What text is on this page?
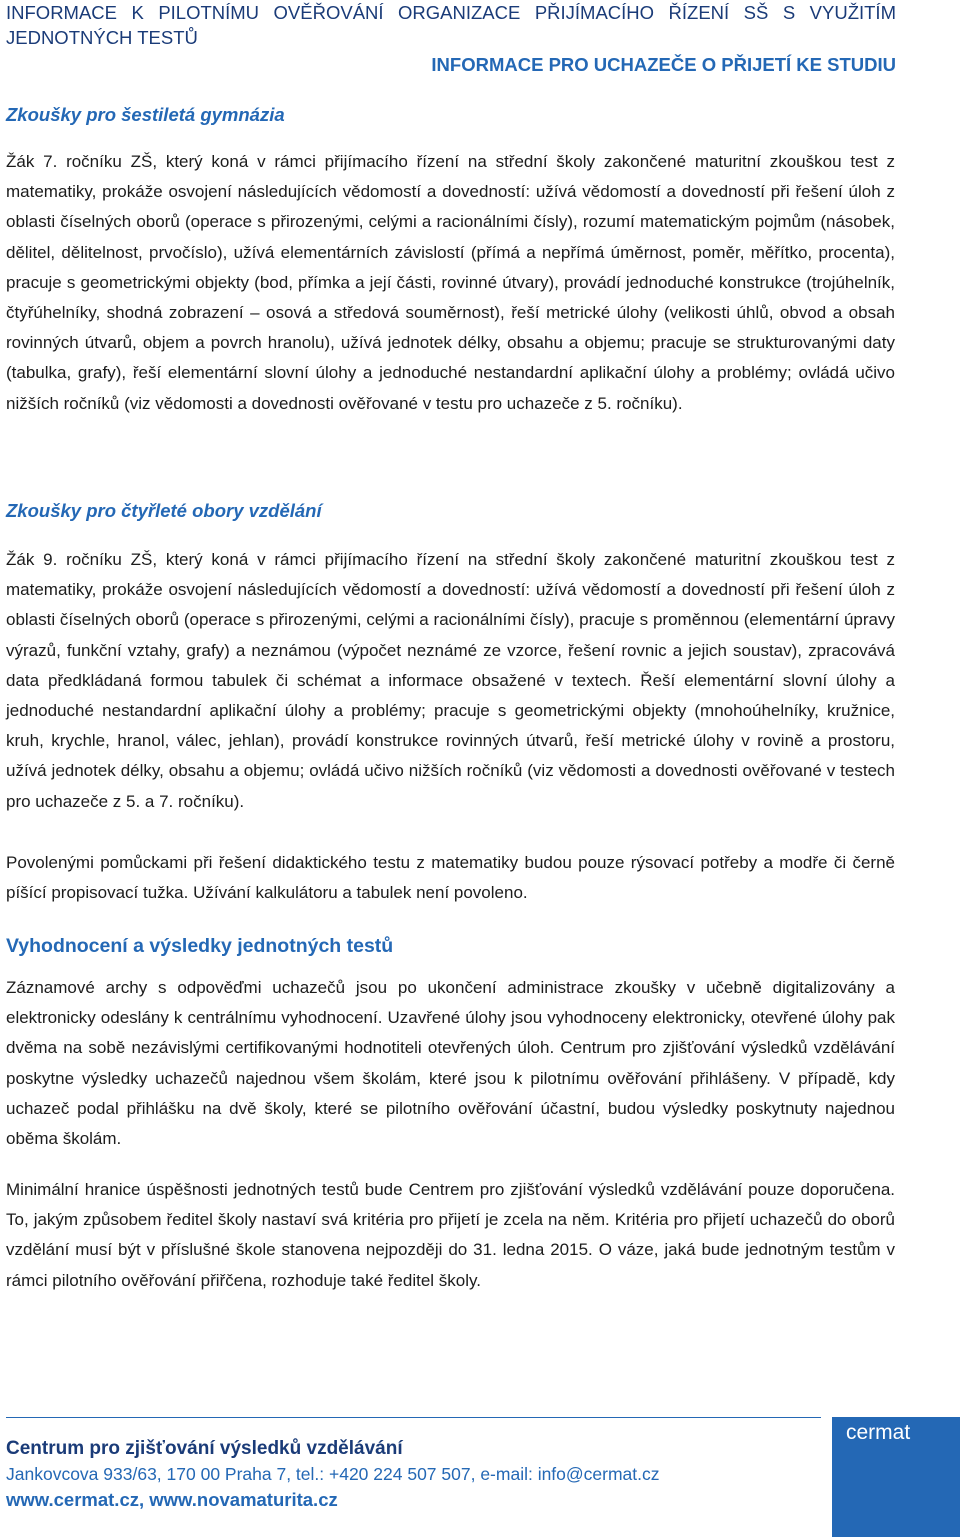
INFORMACE K PILOTNÍMU OVĚŘOVÁNÍ ORGANIZACE PŘIJÍMACÍHO ŘÍZENÍ SŠ S VYUŽITÍM
JEDNOTNÝCH TESTŮ
INFORMACE PRO UCHAZEČE O PŘIJETÍ KE STUDIU
Zkoušky pro šestiletá gymnázia
Žák 7. ročníku ZŠ, který koná v rámci přijímacího řízení na střední školy zakončené maturitní zkouškou test z matematiky, prokáže osvojení následujících vědomostí a dovedností: užívá vědomostí a dovedností při řešení úloh z oblasti číselných oborů (operace s přirozenými, celými a racionálními čísly), rozumí matematickým pojmům (násobek, dělitel, dělitelnost, prvočíslo), užívá elementárních závislostí (přímá a nepřímá úměrnost, poměr, měřítko, procenta), pracuje s geometrickými objekty (bod, přímka a její části, rovinné útvary), provádí jednoduché konstrukce (trojúhelník, čtyřúhelníky, shodná zobrazení – osová a středová souměrnost), řeší metrické úlohy (velikosti úhlů, obvod a obsah rovinných útvarů, objem a povrch hranolu), užívá jednotek délky, obsahu a objemu; pracuje se strukturovanými daty (tabulka, grafy), řeší elementární slovní úlohy a jednoduché nestandardní aplikační úlohy a problémy; ovládá učivo nižších ročníků (viz vědomosti a dovednosti ověřované v testu pro uchazeče z 5. ročníku).
Zkoušky pro čtyřleté obory vzdělání
Žák 9. ročníku ZŠ, který koná v rámci přijímacího řízení na střední školy zakončené maturitní zkouškou test z matematiky, prokáže osvojení následujících vědomostí a dovedností: užívá vědomostí a dovedností při řešení úloh z oblasti číselných oborů (operace s přirozenými, celými a racionálními čísly), pracuje s proměnnou (elementární úpravy výrazů, funkční vztahy, grafy) a neznámou (výpočet neznámé ze vzorce, řešení rovnic a jejich soustav), zpracovává data předkládaná formou tabulek či schémat a informace obsažené v textech. Řeší elementární slovní úlohy a jednoduché nestandardní aplikační úlohy a problémy; pracuje s geometrickými objekty (mnohoúhelníky, kružnice, kruh, krychle, hranol, válec, jehlan), provádí konstrukce rovinných útvarů, řeší metrické úlohy v rovině a prostoru, užívá jednotek délky, obsahu a objemu; ovládá učivo nižších ročníků (viz vědomosti a dovednosti ověřované v testech pro uchazeče z 5. a 7. ročníku).
Povolenými pomůckami při řešení didaktického testu z matematiky budou pouze rýsovací potřeby a modře či černě píšící propisovací tužka. Užívání kalkulátoru a tabulek není povoleno.
Vyhodnocení a výsledky jednotných testů
Záznamové archy s odpověďmi uchazečů jsou po ukončení administrace zkoušky v učebně digitalizovány a elektronicky odeslány k centrálnímu vyhodnocení. Uzavřené úlohy jsou vyhodnoceny elektronicky, otevřené úlohy pak dvěma na sobě nezávislými certifikovanými hodnotiteli otevřených úloh. Centrum pro zjišťování výsledků vzdělávání poskytne výsledky uchazečů najednou všem školám, které jsou k pilotnímu ověřování přihlášeny. V případě, kdy uchazeč podal přihlášku na dvě školy, které se pilotního ověřování účastní, budou výsledky poskytnuty najednou oběma školám.
Minimální hranice úspěšnosti jednotných testů bude Centrem pro zjišťování výsledků vzdělávání pouze doporučena. To, jakým způsobem ředitel školy nastaví svá kritéria pro přijetí je zcela na něm. Kritéria pro přijetí uchazečů do oborů vzdělání musí být v příslušné škole stanovena nejpozději do 31. ledna 2015. O váze, jaká bude jednotným testům v rámci pilotního ověřování přiřčena, rozhoduje také ředitel školy.
cermat
Centrum pro zjišťování výsledků vzdělávání
Jankovcova 933/63, 170 00 Praha 7, tel.: +420 224 507 507, e-mail: info@cermat.cz
www.cermat.cz, www.novamaturita.cz
